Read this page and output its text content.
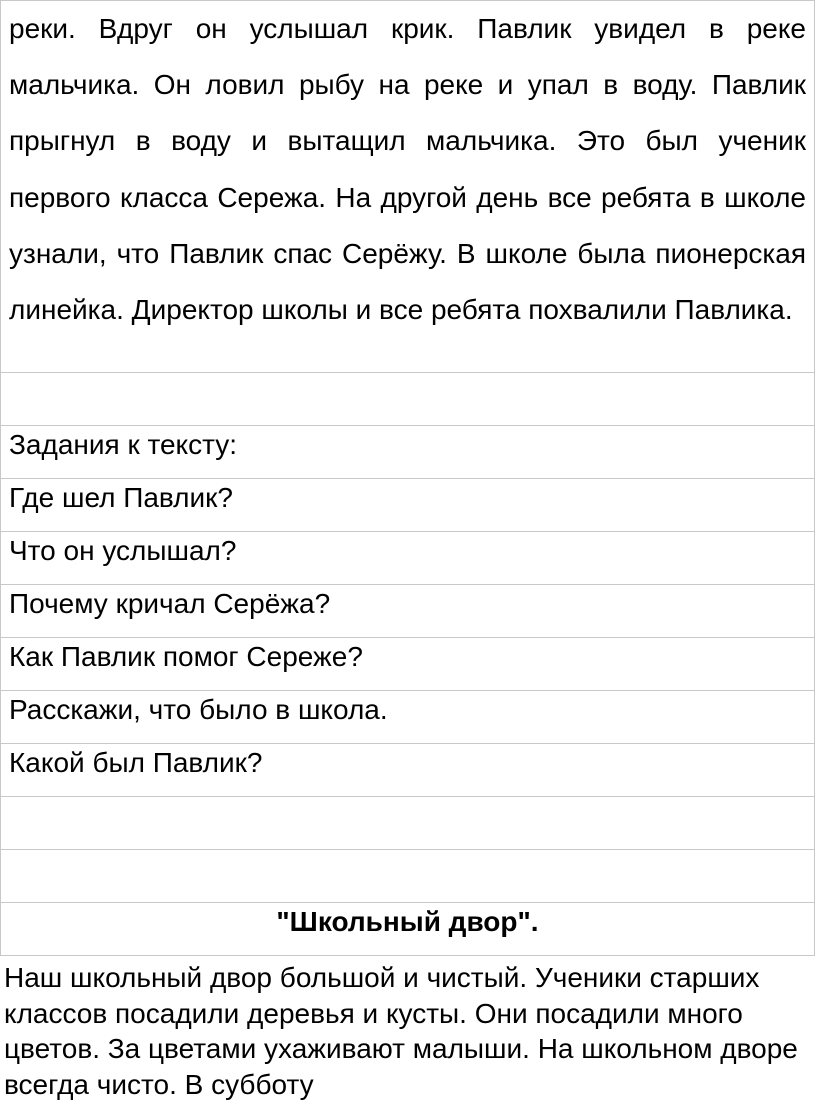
реки. Вдруг он услышал крик. Павлик увидел в реке мальчика. Он ловил рыбу на реке и упал в воду. Павлик прыгнул в воду и вытащил мальчика. Это был ученик первого класса Сережа. На другой день все ребята в школе узнали, что Павлик спас Серёжу. В школе была пионерская линейка. Директор школы и все ребята похвалили Павлика.

Задания к тексту:
Где шел Павлик?
Что он услышал?
Почему кричал Серёжа?
Как Павлик помог Сереже?
Расскажи, что было в школа.
Какой был Павлик?

"Школьный двор".

Наш школьный двор большой и чистый. Ученики старших классов посадили деревья и кусты. Они посадили много цветов. За цветами ухаживают малыши. На школьном дворе всегда чисто. В субботу
